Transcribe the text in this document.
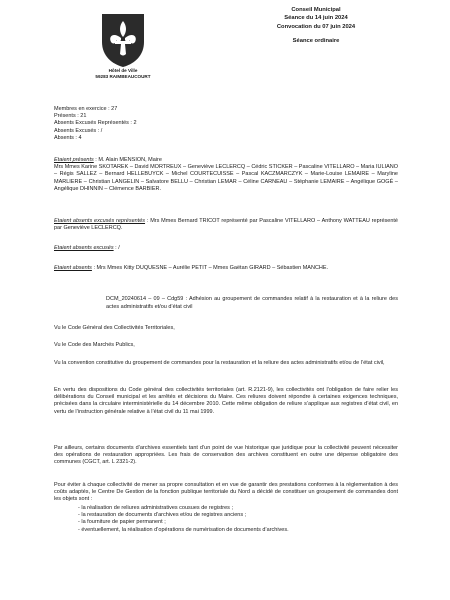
Hôtel de Ville
59283 RAIMBEAUCOURT
Conseil Municipal
Séance du 14 juin 2024
Convocation du 07 juin 2024
Séance ordinaire

Membres en exercice : 27

Présents : 21

Absents Excusés Représentés : 2

Absents Excusés : /

Absents : 4

Etaient présents : M. Alain MENSION, Maire

Mrs Mmes Karine SKOTAREK – David MORTREUX – Geneviève LECLERCQ – Cédric STICKER – Pascaline VITELLARO – Maria IULIANO – Régis SALLEZ – Bernard HELLEBUYCK – Michel COURTECUISSE – Pascal KACZMARCZYK – Marie-Louise LEMAIRE – Maryline MARLIERE – Christian LANGELIN – Salvatore BELLU – Christian LEMAR – Céline CARNEAU – Stéphanie LEMAIRE – Angélique GOGÉ – Angélique DHINNIN – Clémence BARBIER.

Etaient absents excusés représentés : Mrs Mmes Bernard TRICOT représenté par Pascaline VITELLARO – Anthony WATTEAU représenté par Geneviève LECLERCQ.

Etaient absents excusés : /

Etaient absents : Mrs Mmes Kitty DUQUESNE – Aurélie PETIT – Mmes Gaëtan GIRARD – Sébastien MANCHE.

DCM_20240614 – 09 – Cdg59 : Adhésion au groupement de commandes relatif à la restauration et à la reliure des actes administratifs et/ou d’état civil
Vu le Code Général des Collectivités Territoriales,
Vu le Code des Marchés Publics,
Vu la convention constitutive du groupement de commandes pour la restauration et la reliure des actes administratifs et/ou de l’état civil,
En vertu des dispositions du Code général des collectivités territoriales (art. R.2121-9), les collectivités ont l’obligation de faire relier les délibérations du Conseil municipal et les arrêtés et décisions du Maire. Ces reliures doivent répondre à certaines exigences techniques, précisées dans la circulaire interministérielle du 14 décembre 2010. Cette même obligation de reliure s’applique aux registres d’état civil, en vertu de l’instruction générale relative à l’état civil du 11 mai 1999.
Par ailleurs, certains documents d’archives essentiels tant d’un point de vue historique que juridique pour la collectivité peuvent nécessiter des opérations de restauration appropriées. Les frais de conservation des archives constituent en outre une dépense obligatoire des communes (CGCT, art. L 2321-2).
Pour éviter à chaque collectivité de mener sa propre consultation et en vue de garantir des prestations conformes à la réglementation à des coûts adaptés, le Centre De Gestion de la fonction publique territoriale du Nord a décidé de constituer un groupement de commandes dont les objets sont :
- la réalisation de reliures administratives cousues de registres ;
- la restauration de documents d’archives et/ou de registres anciens ;
- la fourniture de papier permanent ;
- éventuellement, la réalisation d’opérations de numérisation de documents d’archives.
